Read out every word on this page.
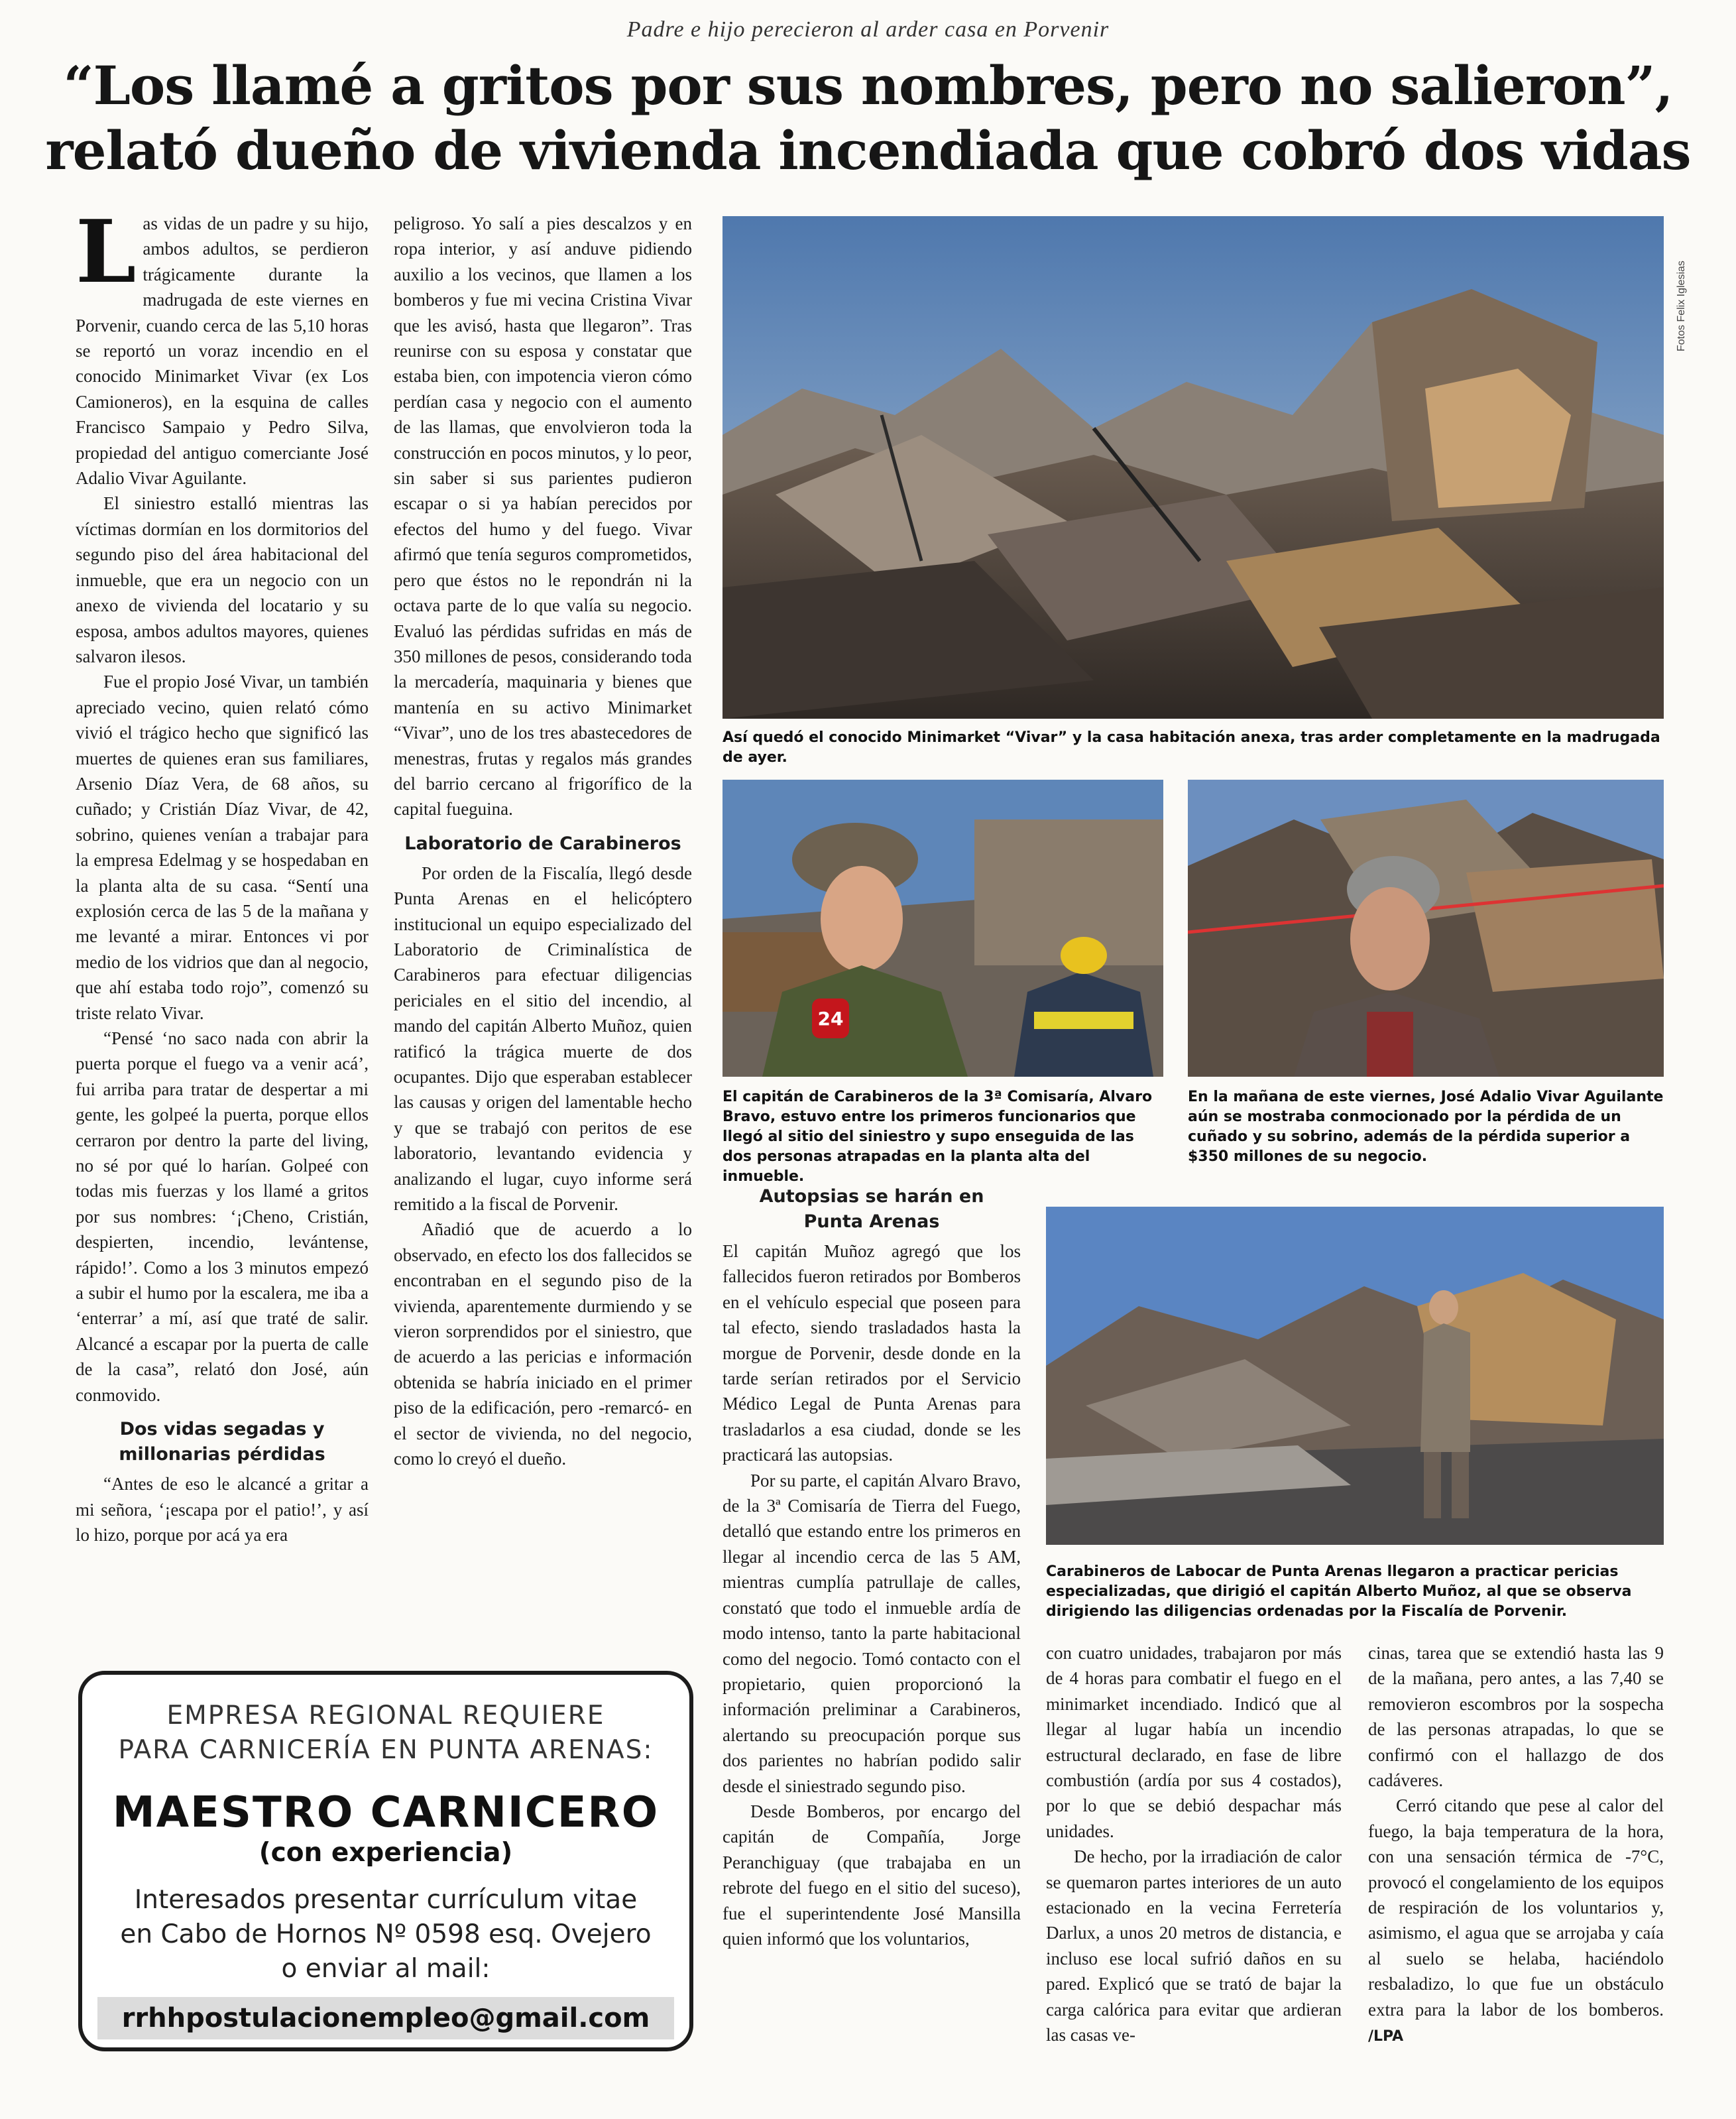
Padre e hijo perecieron al arder casa en Porvenir
“Los llamé a gritos por sus nombres, pero no salieron”,
relató dueño de vivienda incendiada que cobró dos vidas

Las vidas de un padre y su hijo, ambos adultos, se perdieron trágicamente durante la madrugada de este viernes en Porvenir, cuando cerca de las 5,10 horas se reportó un voraz incendio en el conocido Minimarket Vivar (ex Los Camioneros), en la esquina de calles Francisco Sampaio y Pedro Silva, propiedad del antiguo comerciante José Adalio Vivar Aguilante.

El siniestro estalló mientras las víctimas dormían en los dormitorios del segundo piso del área habitacional del inmueble, que era un negocio con un anexo de vivienda del locatario y su esposa, ambos adultos mayores, quienes salvaron ilesos.

Fue el propio José Vivar, un también apreciado vecino, quien relató cómo vivió el trágico hecho que significó las muertes de quienes eran sus familiares, Arsenio Díaz Vera, de 68 años, su cuñado; y Cristián Díaz Vivar, de 42, sobrino, quienes venían a trabajar para la empresa Edelmag y se hospedaban en la planta alta de su casa. “Sentí una explosión cerca de las 5 de la mañana y me levanté a mirar. Entonces vi por medio de los vidrios que dan al negocio, que ahí estaba todo rojo”, comenzó su triste relato Vivar.

“Pensé ‘no saco nada con abrir la puerta porque el fuego va a venir acá’, fui arriba para tratar de despertar a mi gente, les golpeé la puerta, porque ellos cerraron por dentro la parte del living, no sé por qué lo harían. Golpeé con todas mis fuerzas y los llamé a gritos por sus nombres: ‘¡Cheno, Cristián, despierten, incendio, levántense, rápido!’. Como a los 3 minutos empezó a subir el humo por la escalera, me iba a ‘enterrar’ a mí, así que traté de salir. Alcancé a escapar por la puerta de calle de la casa”, relató don José, aún conmovido.

Dos vidas segadas y millonarias pérdidas

“Antes de eso le alcancé a gritar a mi señora, ‘¡escapa por el patio!’, y así lo hizo, porque por acá ya era

peligroso. Yo salí a pies descalzos y en ropa interior, y así anduve pidiendo auxilio a los vecinos, que llamen a los bomberos y fue mi vecina Cristina Vivar que les avisó, hasta que llegaron”. Tras reunirse con su esposa y constatar que estaba bien, con impotencia vieron cómo perdían casa y negocio con el aumento de las llamas, que envolvieron toda la construcción en pocos minutos, y lo peor, sin saber si sus parientes pudieron escapar o si ya habían perecidos por efectos del humo y del fuego. Vivar afirmó que tenía seguros comprometidos, pero que éstos no le repondrán ni la octava parte de lo que valía su negocio. Evaluó las pérdidas sufridas en más de 350 millones de pesos, considerando toda la mercadería, maquinaria y bienes que mantenía en su activo Minimarket “Vivar”, uno de los tres abastecedores de menestras, frutas y regalos más grandes del barrio cercano al frigorífico de la capital fueguina.

Laboratorio de Carabineros

Por orden de la Fiscalía, llegó desde Punta Arenas en el helicóptero institucional un equipo especializado del Laboratorio de Criminalística de Carabineros para efectuar diligencias periciales en el sitio del incendio, al mando del capitán Alberto Muñoz, quien ratificó la trágica muerte de dos ocupantes. Dijo que esperaban establecer las causas y origen del lamentable hecho y que se trabajó con peritos de ese laboratorio, levantando evidencia y analizando el lugar, cuyo informe será remitido a la fiscal de Porvenir.

Añadió que de acuerdo a lo observado, en efecto los dos fallecidos se encontraban en el segundo piso de la vivienda, aparentemente durmiendo y se vieron sorprendidos por el siniestro, que de acuerdo a las pericias e información obtenida se habría iniciado en el primer piso de la edificación, pero -remarcó- en el sector de vivienda, no del negocio, como lo creyó el dueño.

Fotos Felix Iglesias
Así quedó el conocido Minimarket “Vivar” y la casa habitación anexa, tras arder completamente en la madrugada de ayer.
24
El capitán de Carabineros de la 3ª Comisaría, Alvaro Bravo, estuvo entre los primeros funcionarios que llegó al sitio del siniestro y supo enseguida de las dos personas atrapadas en la planta alta del inmueble.
En la mañana de este viernes, José Adalio Vivar Aguilante aún se mostraba conmocionado por la pérdida de un cuñado y su sobrino, además de la pérdida superior a $350 millones de su negocio.
Autopsias se harán en Punta Arenas

El capitán Muñoz agregó que los fallecidos fueron retirados por Bomberos en el vehículo especial que poseen para tal efecto, siendo trasladados hasta la morgue de Porvenir, desde donde en la tarde serían retirados por el Servicio Médico Legal de Punta Arenas para trasladarlos a esa ciudad, donde se les practicará las autopsias.

Por su parte, el capitán Alvaro Bravo, de la 3ª Comisaría de Tierra del Fuego, detalló que estando entre los primeros en llegar al incendio cerca de las 5 AM, mientras cumplía patrullaje de calles, constató que todo el inmueble ardía de modo intenso, tanto la parte habitacional como del negocio. Tomó contacto con el propietario, quien proporcionó la información preliminar a Carabineros, alertando su preocupación porque sus dos parientes no habrían podido salir desde el siniestrado segundo piso.

Desde Bomberos, por encargo del capitán de Compañía, Jorge Peranchiguay (que trabajaba en un rebrote del fuego en el sitio del suceso), fue el superintendente José Mansilla quien informó que los voluntarios,

Carabineros de Labocar de Punta Arenas llegaron a practicar pericias especializadas, que dirigió el capitán Alberto Muñoz, al que se observa dirigiendo las diligencias ordenadas por la Fiscalía de Porvenir.

con cuatro unidades, trabajaron por más de 4 horas para combatir el fuego en el minimarket incendiado. Indicó que al llegar al lugar había un incendio estructural declarado, en fase de libre combustión (ardía por sus 4 costados), por lo que se debió despachar más unidades.

De hecho, por la irradiación de calor se quemaron partes interiores de un auto estacionado en la vecina Ferretería Darlux, a unos 20 metros de distancia, e incluso ese local sufrió daños en su pared. Explicó que se trató de bajar la carga calórica para evitar que ardieran las casas ve-

cinas, tarea que se extendió hasta las 9 de la mañana, pero antes, a las 7,40 se removieron escombros por la sospecha de las personas atrapadas, lo que se confirmó con el hallazgo de dos cadáveres.

Cerró citando que pese al calor del fuego, la baja temperatura de la hora, con una sensación térmica de -7°C, provocó el congelamiento de los equipos de respiración de los voluntarios y, asimismo, el agua que se arrojaba y caía al suelo se helaba, haciéndolo resbaladizo, lo que fue un obstáculo extra para la labor de los bomberos. /LPA

EMPRESA REGIONAL REQUIERE
PARA CARNICERÍA EN PUNTA ARENAS:
MAESTRO CARNICERO
(con experiencia)
Interesados presentar currículum vitae
en Cabo de Hornos Nº 0598 esq. Ovejero
o enviar al mail:
rrhhpostulacionempleo@gmail.com
